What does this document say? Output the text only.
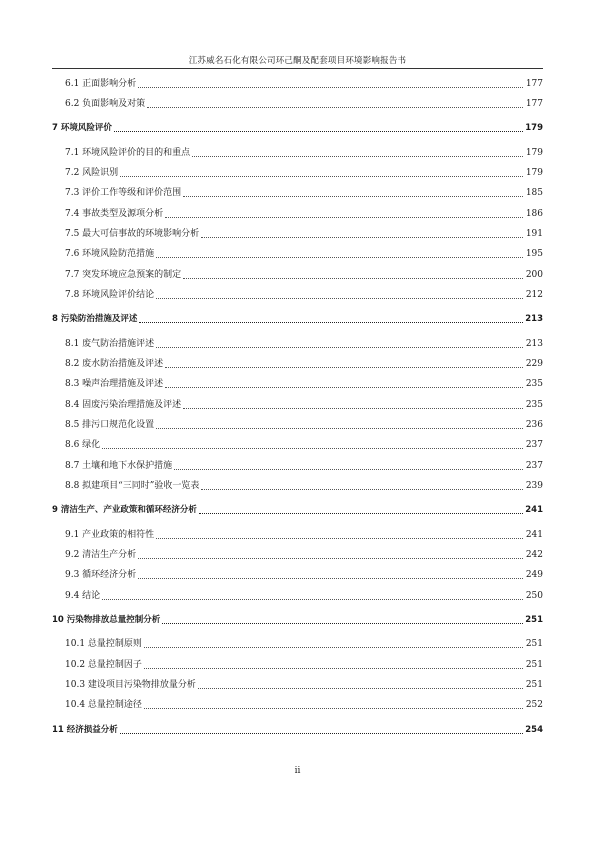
江苏威名石化有限公司环己酮及配套项目环境影响报告书
6.1 正面影响分析	177
6.2 负面影响及对策	177
7 环境风险评价	179
7.1 环境风险评价的目的和重点	179
7.2 风险识别	179
7.3 评价工作等级和评价范围	185
7.4 事故类型及源项分析	186
7.5 最大可信事故的环境影响分析	191
7.6 环境风险防范措施	195
7.7 突发环境应急预案的制定	200
7.8 环境风险评价结论	212
8 污染防治措施及评述	213
8.1 废气防治措施评述	213
8.2 废水防治措施及评述	229
8.3 噪声治理措施及评述	235
8.4 固废污染治理措施及评述	235
8.5 排污口规范化设置	236
8.6 绿化	237
8.7 土壤和地下水保护措施	237
8.8 拟建项目“三同时”验收一览表	239
9 清洁生产、产业政策和循环经济分析	241
9.1 产业政策的相符性	241
9.2 清洁生产分析	242
9.3 循环经济分析	249
9.4 结论	250
10 污染物排放总量控制分析	251
10.1 总量控制原则	251
10.2 总量控制因子	251
10.3 建设项目污染物排放量分析	251
10.4 总量控制途径	252
11 经济损益分析	254
ii
